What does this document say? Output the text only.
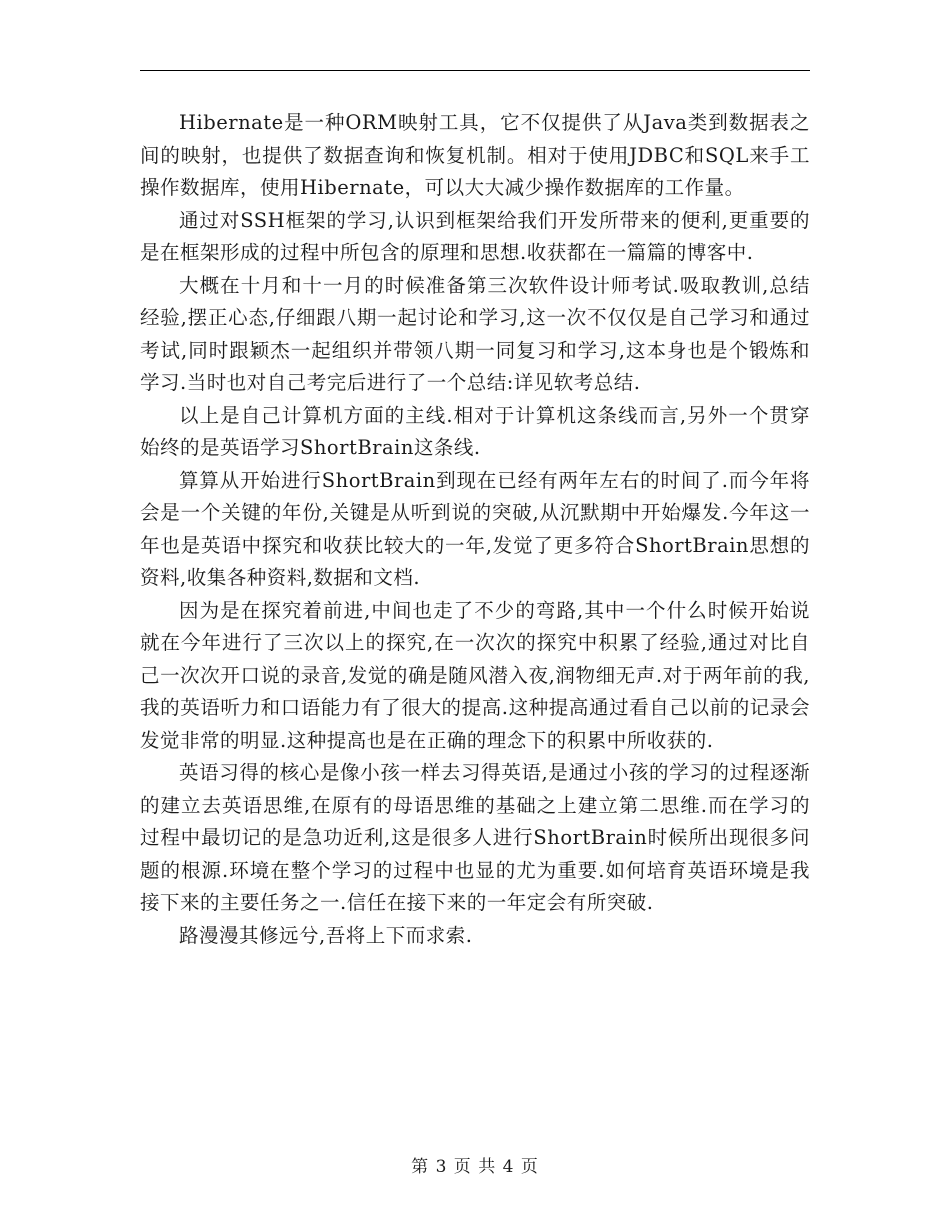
Hibernate是一种ORM映射工具，它不仅提供了从Java类到数据表之间的映射，也提供了数据查询和恢复机制。相对于使用JDBC和SQL来手工操作数据库，使用Hibernate，可以大大减少操作数据库的工作量。

通过对SSH框架的学习,认识到框架给我们开发所带来的便利,更重要的是在框架形成的过程中所包含的原理和思想.收获都在一篇篇的博客中.

大概在十月和十一月的时候准备第三次软件设计师考试.吸取教训,总结经验,摆正心态,仔细跟八期一起讨论和学习,这一次不仅仅是自己学习和通过考试,同时跟颖杰一起组织并带领八期一同复习和学习,这本身也是个锻炼和学习.当时也对自己考完后进行了一个总结:详见软考总结.

以上是自己计算机方面的主线.相对于计算机这条线而言,另外一个贯穿始终的是英语学习ShortBrain这条线.

算算从开始进行ShortBrain到现在已经有两年左右的时间了.而今年将会是一个关键的年份,关键是从听到说的突破,从沉默期中开始爆发.今年这一年也是英语中探究和收获比较大的一年,发觉了更多符合ShortBrain思想的资料,收集各种资料,数据和文档.

因为是在探究着前进,中间也走了不少的弯路,其中一个什么时候开始说就在今年进行了三次以上的探究,在一次次的探究中积累了经验,通过对比自己一次次开口说的录音,发觉的确是随风潜入夜,润物细无声.对于两年前的我,我的英语听力和口语能力有了很大的提高.这种提高通过看自己以前的记录会发觉非常的明显.这种提高也是在正确的理念下的积累中所收获的.

英语习得的核心是像小孩一样去习得英语,是通过小孩的学习的过程逐渐的建立去英语思维,在原有的母语思维的基础之上建立第二思维.而在学习的过程中最切记的是急功近利,这是很多人进行ShortBrain时候所出现很多问题的根源.环境在整个学习的过程中也显的尤为重要.如何培育英语环境是我接下来的主要任务之一.信任在接下来的一年定会有所突破.

路漫漫其修远兮,吾将上下而求索.

第 3 页 共 4 页
